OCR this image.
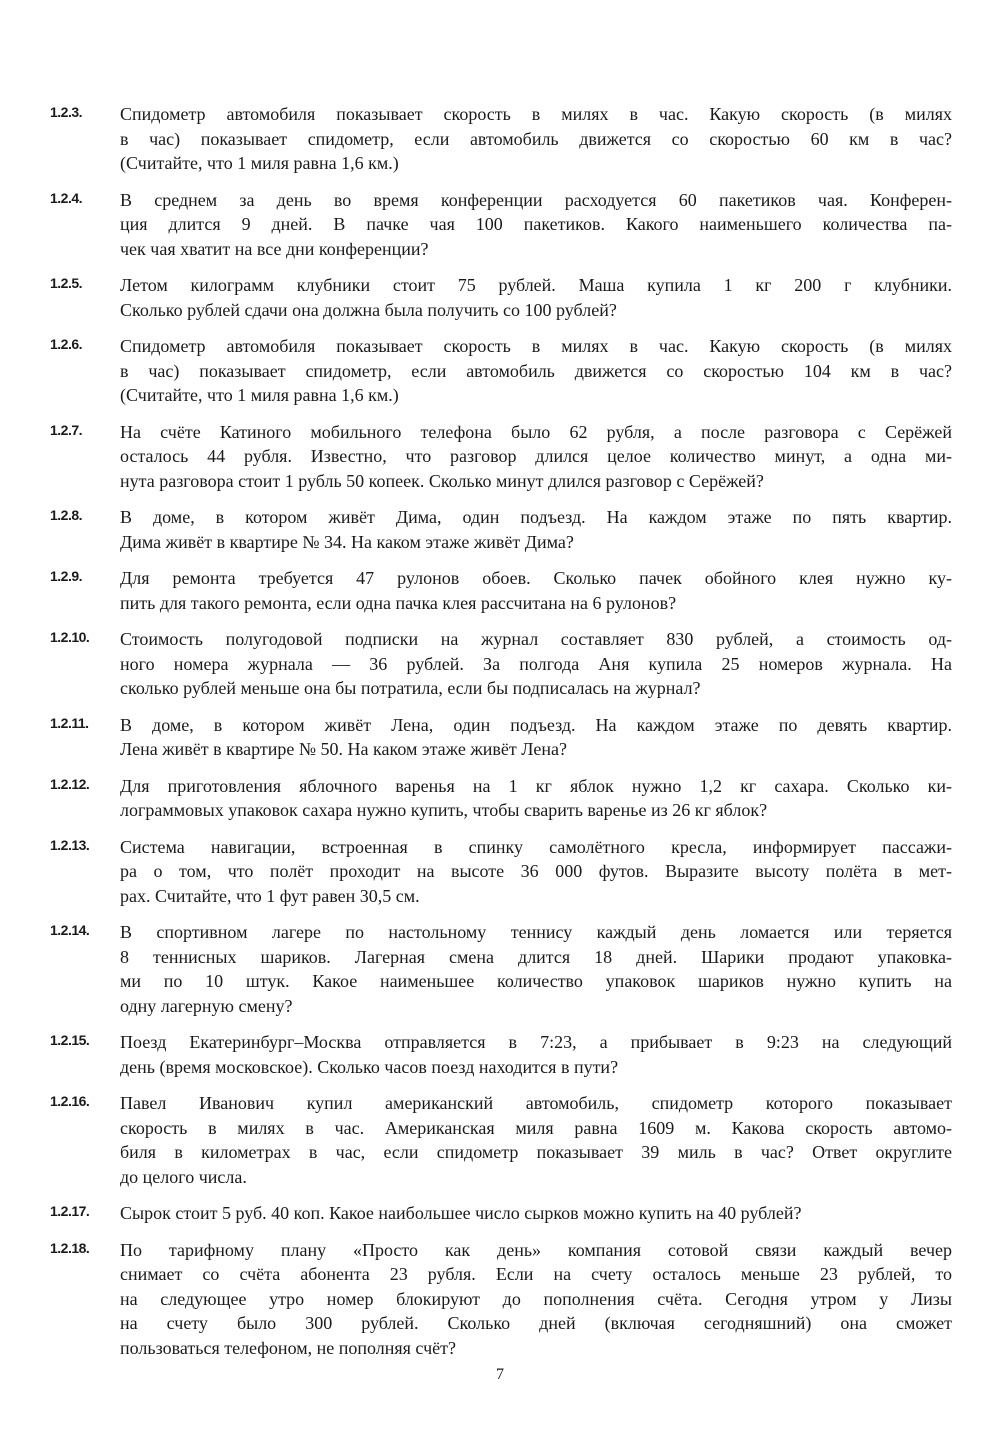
1.2.3.	Спидометр автомобиля показывает скорость в милях в час. Какую скорость (в милях
в час) показывает спидометр, если автомобиль движется со скоростью 60 км в час?
(Считайте, что 1 миля равна 1,6 км.)
1.2.4.	В среднем за день во время конференции расходуется 60 пакетиков чая. Конферен-
ция длится 9 дней. В пачке чая 100 пакетиков. Какого наименьшего количества па-
чек чая хватит на все дни конференции?
1.2.5.	Летом килограмм клубники стоит 75 рублей. Маша купила 1 кг 200 г клубники.
Сколько рублей сдачи она должна была получить со 100 рублей?
1.2.6.	Спидометр автомобиля показывает скорость в милях в час. Какую скорость (в милях
в час) показывает спидометр, если автомобиль движется со скоростью 104 км в час?
(Считайте, что 1 миля равна 1,6 км.)
1.2.7.	На счёте Катиного мобильного телефона было 62 рубля, а после разговора с Серёжей
осталось 44 рубля. Известно, что разговор длился целое количество минут, а одна ми-
нута разговора стоит 1 рубль 50 копеек. Сколько минут длился разговор с Серёжей?
1.2.8.	В доме, в котором живёт Дима, один подъезд. На каждом этаже по пять квартир.
Дима живёт в квартире № 34. На каком этаже живёт Дима?
1.2.9.	Для ремонта требуется 47 рулонов обоев. Сколько пачек обойного клея нужно ку-
пить для такого ремонта, если одна пачка клея рассчитана на 6 рулонов?
1.2.10.	Стоимость полугодовой подписки на журнал составляет 830 рублей, а стоимость од-
ного номера журнала — 36 рублей. За полгода Аня купила 25 номеров журнала. На
сколько рублей меньше она бы потратила, если бы подписалась на журнал?
1.2.11.	В доме, в котором живёт Лена, один подъезд. На каждом этаже по девять квартир.
Лена живёт в квартире № 50. На каком этаже живёт Лена?
1.2.12.	Для приготовления яблочного варенья на 1 кг яблок нужно 1,2 кг сахара. Сколько ки-
лограммовых упаковок сахара нужно купить, чтобы сварить варенье из 26 кг яблок?
1.2.13.	Система навигации, встроенная в спинку самолётного кресла, информирует пассажи-
ра о том, что полёт проходит на высоте 36 000 футов. Выразите высоту полёта в мет-
рах. Считайте, что 1 фут равен 30,5 см.
1.2.14.	В спортивном лагере по настольному теннису каждый день ломается или теряется
8 теннисных шариков. Лагерная смена длится 18 дней. Шарики продают упаковка-
ми по 10 штук. Какое наименьшее количество упаковок шариков нужно купить на
одну лагерную смену?
1.2.15.	Поезд Екатеринбург–Москва отправляется в 7:23, а прибывает в 9:23 на следующий
день (время московское). Сколько часов поезд находится в пути?
1.2.16.	Павел Иванович купил американский автомобиль, спидометр которого показывает
скорость в милях в час. Американская миля равна 1609 м. Какова скорость автомо-
биля в километрах в час, если спидометр показывает 39 миль в час? Ответ округлите
до целого числа.
1.2.17.	Сырок стоит 5 руб. 40 коп. Какое наибольшее число сырков можно купить на 40 рублей?
1.2.18.	По тарифному плану «Просто как день» компания сотовой связи каждый вечер
снимает со счёта абонента 23 рубля. Если на счету осталось меньше 23 рублей, то
на следующее утро номер блокируют до пополнения счёта. Сегодня утром у Лизы
на счету было 300 рублей. Сколько дней (включая сегодняшний) она сможет
пользоваться телефоном, не пополняя счёт?
7
